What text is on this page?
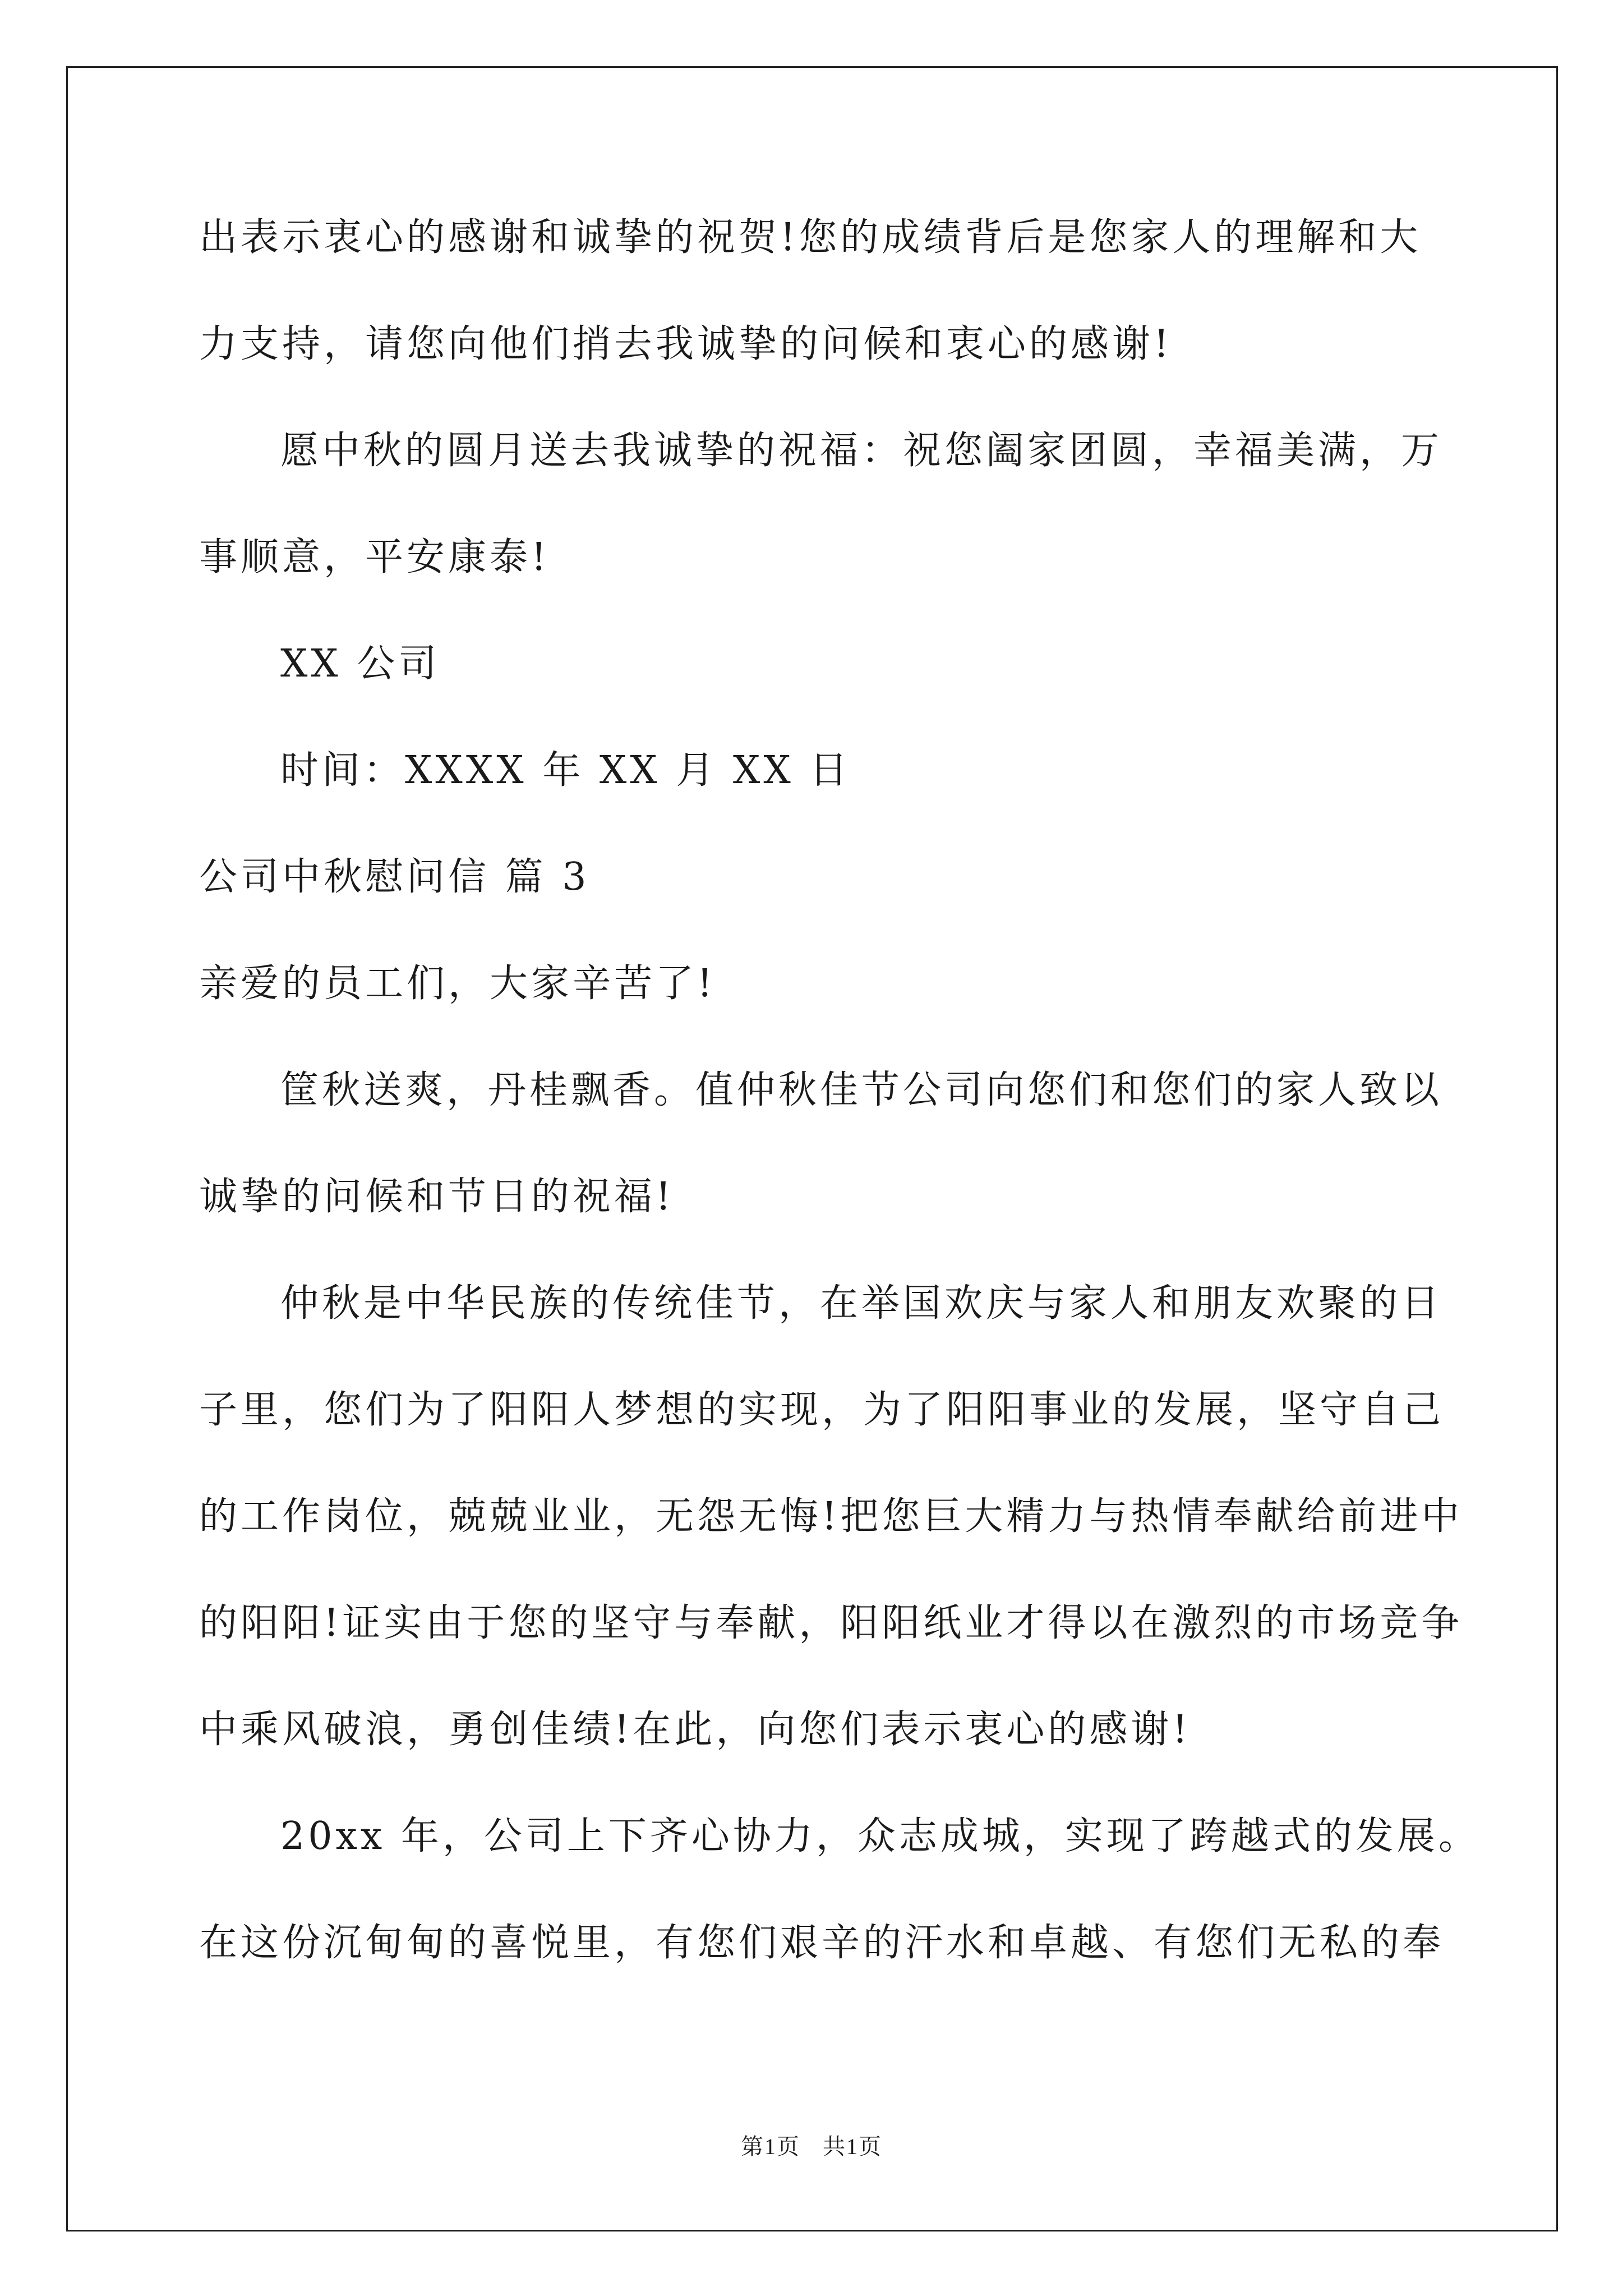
出表示衷心的感谢和诚挚的祝贺!您的成绩背后是您家人的理解和大
力支持，请您向他们捎去我诚挚的问候和衷心的感谢!
愿中秋的圆月送去我诚挚的祝福：祝您阖家团圆，幸福美满，万
事顺意，平安康泰!
XX 公司
时间：XXXX 年 XX 月 XX 日
公司中秋慰问信 篇 3
亲爱的员工们，大家辛苦了!
筐秋送爽，丹桂飘香。值仲秋佳节公司向您们和您们的家人致以
诚挚的问候和节日的祝福!
仲秋是中华民族的传统佳节，在举国欢庆与家人和朋友欢聚的日
子里，您们为了阳阳人梦想的实现，为了阳阳事业的发展，坚守自己
的工作岗位，兢兢业业，无怨无悔!把您巨大精力与热情奉献给前进中
的阳阳!证实由于您的坚守与奉献，阳阳纸业才得以在激烈的市场竞争
中乘风破浪，勇创佳绩!在此，向您们表示衷心的感谢!
20xx 年，公司上下齐心协力，众志成城，实现了跨越式的发展。
在这份沉甸甸的喜悦里，有您们艰辛的汗水和卓越、有您们无私的奉
第1页 共1页
